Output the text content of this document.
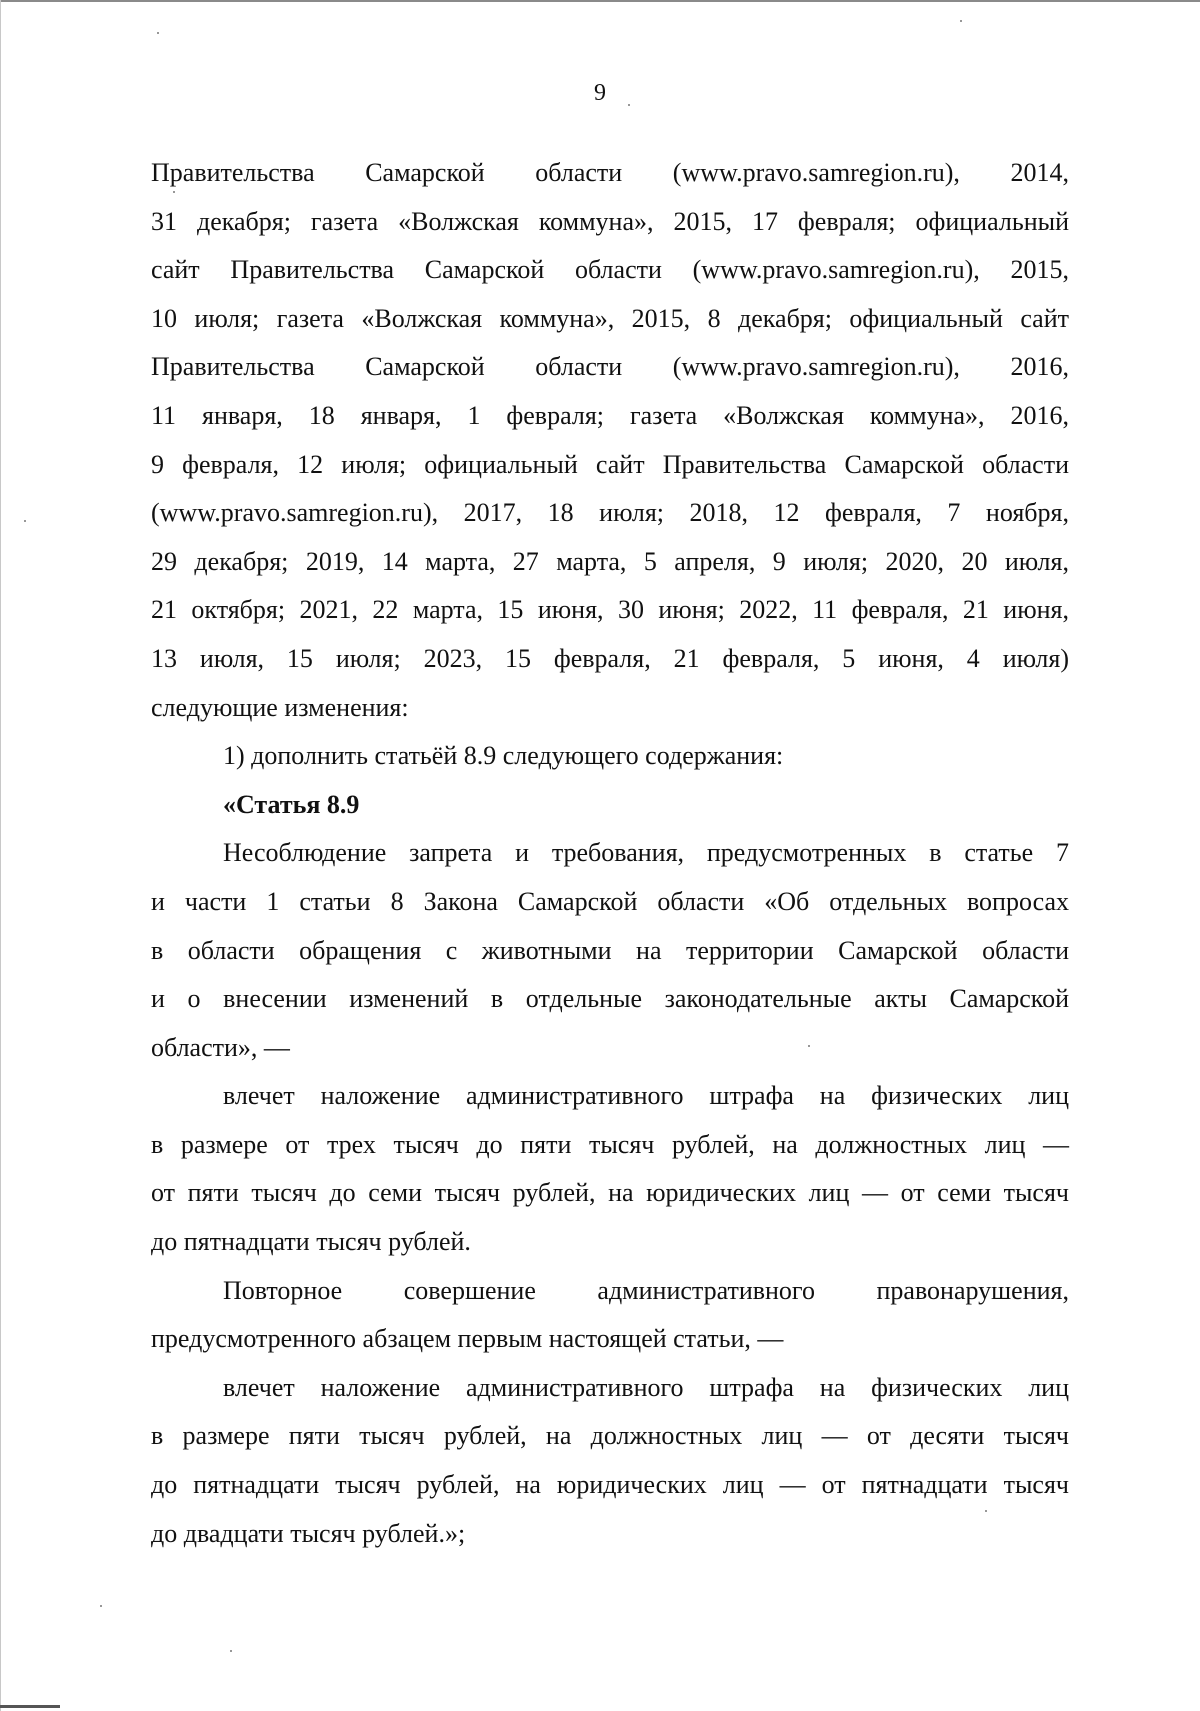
9
Правительства Самарской области (www.pravo.samregion.ru), 2014,
31 декабря; газета «Волжская коммуна», 2015, 17 февраля; официальный
сайт Правительства Самарской области (www.pravo.samregion.ru), 2015,
10 июля; газета «Волжская коммуна», 2015, 8 декабря; официальный сайт
Правительства Самарской области (www.pravo.samregion.ru), 2016,
11 января, 18 января, 1 февраля; газета «Волжская коммуна», 2016,
9 февраля, 12 июля; официальный сайт Правительства Самарской области
(www.pravo.samregion.ru), 2017, 18 июля; 2018, 12 февраля, 7 ноября,
29 декабря; 2019, 14 марта, 27 марта, 5 апреля, 9 июля; 2020, 20 июля,
21 октября; 2021, 22 марта, 15 июня, 30 июня; 2022, 11 февраля, 21 июня,
13 июля, 15 июля; 2023, 15 февраля, 21 февраля, 5 июня, 4 июля)
следующие изменения:
1) дополнить статьёй 8.9 следующего содержания:
«Статья 8.9
Несоблюдение запрета и требования, предусмотренных в статье 7
и части 1 статьи 8 Закона Самарской области «Об отдельных вопросах
в области обращения с животными на территории Самарской области
и о внесении изменений в отдельные законодательные акты Самарской
области», —
влечет наложение административного штрафа на физических лиц
в размере от трех тысяч до пяти тысяч рублей, на должностных лиц —
от пяти тысяч до семи тысяч рублей, на юридических лиц — от семи тысяч
до пятнадцати тысяч рублей.
Повторное совершение административного правонарушения,
предусмотренного абзацем первым настоящей статьи, —
влечет наложение административного штрафа на физических лиц
в размере пяти тысяч рублей, на должностных лиц — от десяти тысяч
до пятнадцати тысяч рублей, на юридических лиц — от пятнадцати тысяч
до двадцати тысяч рублей.»;
